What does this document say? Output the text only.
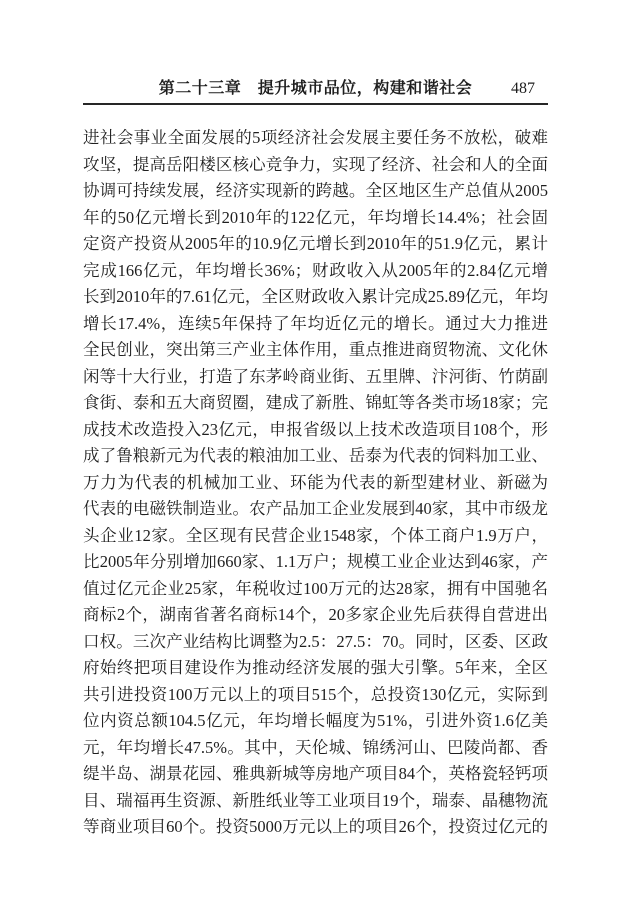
第二十三章　提升城市品位，构建和谐社会	487
进社会事业全面发展的5项经济社会发展主要任务不放松，破难
攻坚，提高岳阳楼区核心竞争力，实现了经济、社会和人的全面
协调可持续发展，经济实现新的跨越。全区地区生产总值从2005
年的50亿元增长到2010年的122亿元，年均增长14.4%；社会固
定资产投资从2005年的10.9亿元增长到2010年的51.9亿元，累计
完成166亿元，年均增长36%；财政收入从2005年的2.84亿元增
长到2010年的7.61亿元，全区财政收入累计完成25.89亿元，年均
增长17.4%，连续5年保持了年均近亿元的增长。通过大力推进
全民创业，突出第三产业主体作用，重点推进商贸物流、文化休
闲等十大行业，打造了东茅岭商业街、五里牌、汴河街、竹荫副
食街、泰和五大商贸圈，建成了新胜、锦虹等各类市场18家；完
成技术改造投入23亿元，申报省级以上技术改造项目108个，形
成了鲁粮新元为代表的粮油加工业、岳泰为代表的饲料加工业、
万力为代表的机械加工业、环能为代表的新型建材业、新磁为
代表的电磁铁制造业。农产品加工企业发展到40家，其中市级龙
头企业12家。全区现有民营企业1548家，个体工商户1.9万户，
比2005年分别增加660家、1.1万户；规模工业企业达到46家，产
值过亿元企业25家，年税收过100万元的达28家，拥有中国驰名
商标2个，湖南省著名商标14个，20多家企业先后获得自营进出
口权。三次产业结构比调整为2.5：27.5：70。同时，区委、区政
府始终把项目建设作为推动经济发展的强大引擎。5年来，全区
共引进投资100万元以上的项目515个，总投资130亿元，实际到
位内资总额104.5亿元，年均增长幅度为51%，引进外资1.6亿美
元，年均增长47.5%。其中，天伦城、锦绣河山、巴陵尚都、香
缇半岛、湖景花园、雅典新城等房地产项目84个，英格瓷轻钙项
目、瑞福再生资源、新胜纸业等工业项目19个，瑞泰、晶穗物流
等商业项目60个。投资5000万元以上的项目26个，投资过亿元的
